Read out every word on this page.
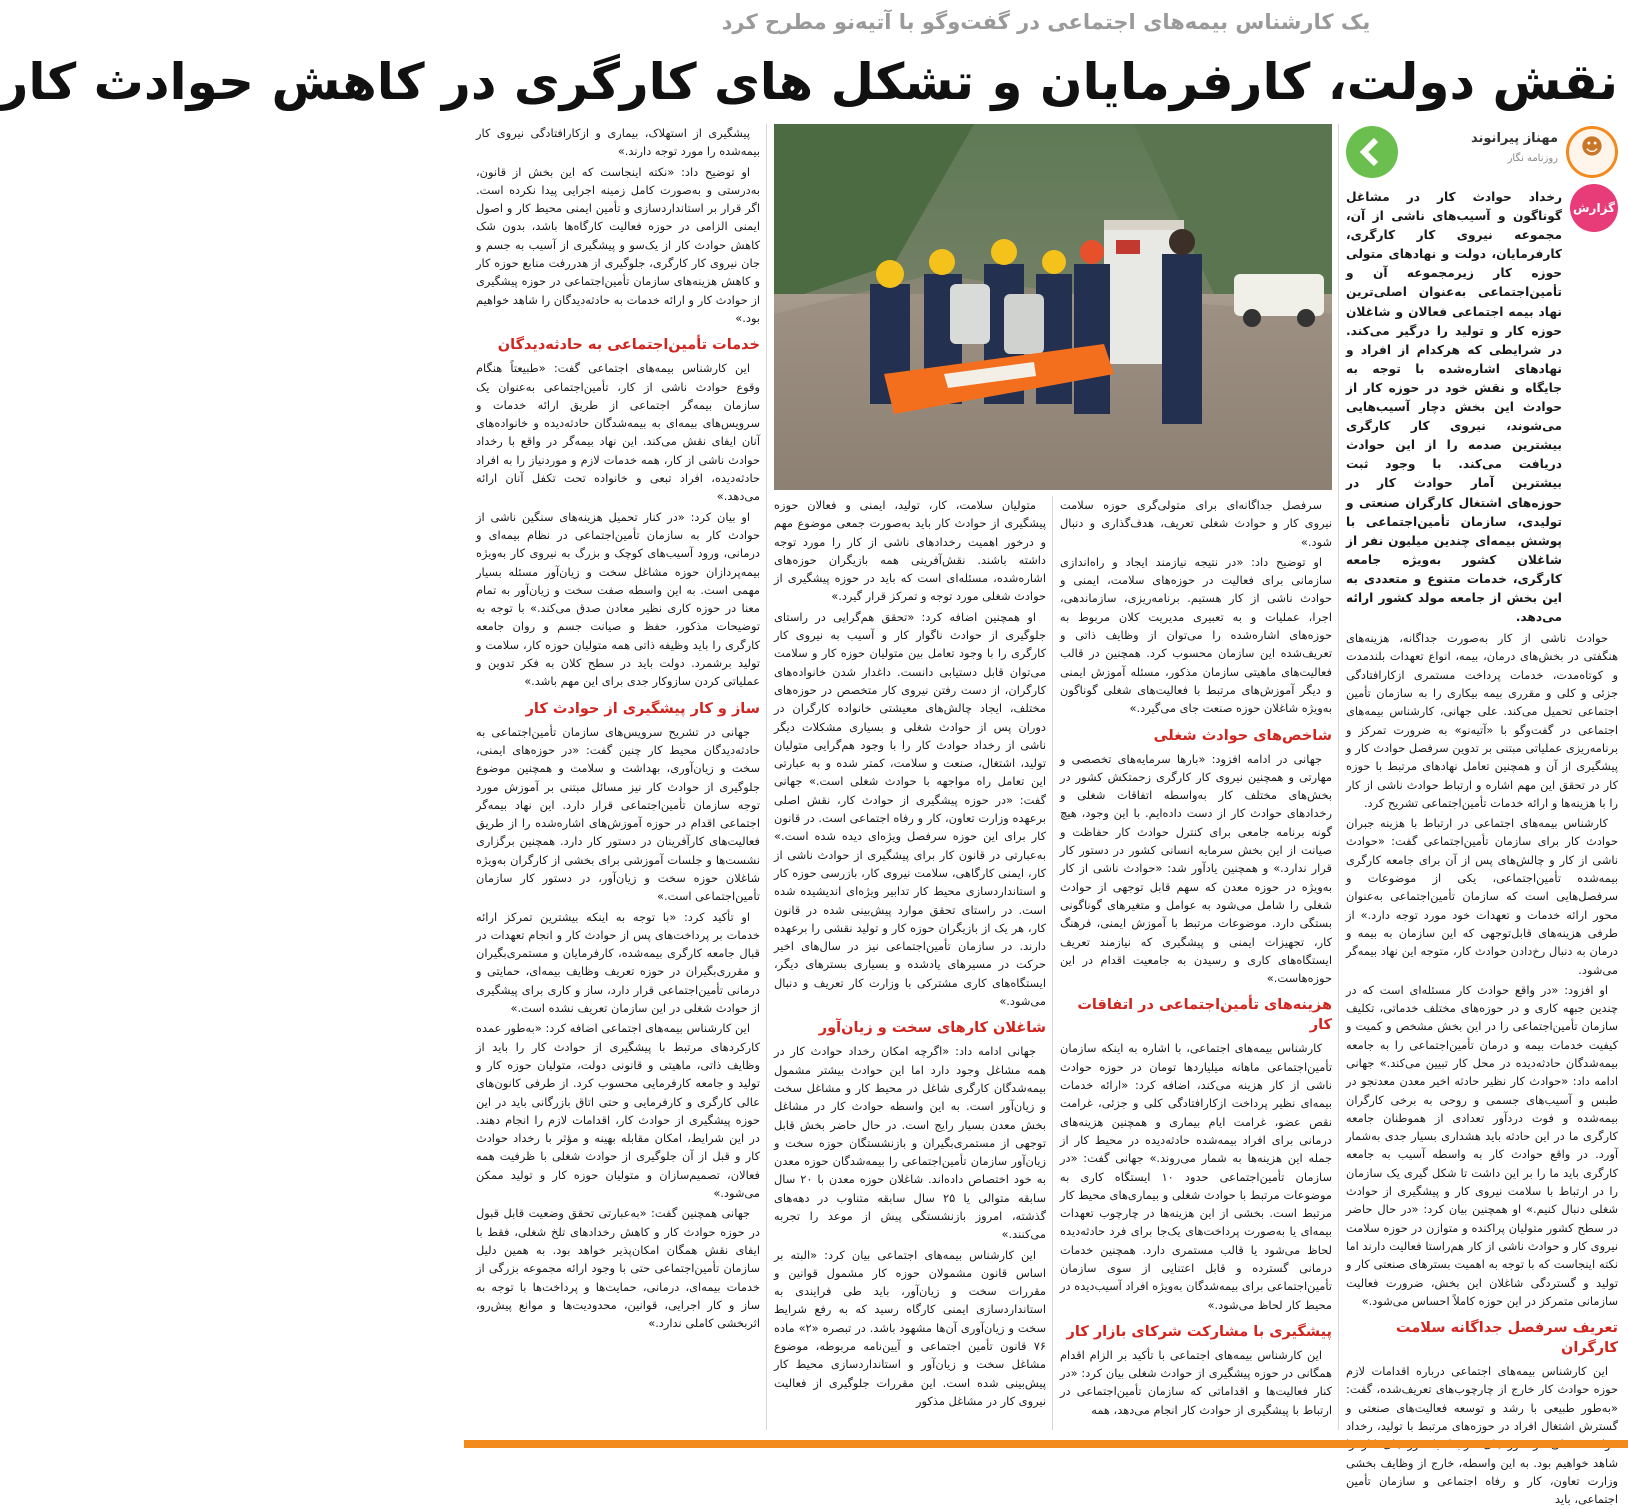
یک کارشناس بیمه‌های اجتماعی در گفت‌وگو با آتیه‌نو مطرح کرد
نقش دولت، کارفرمایان و تشکل های کارگری در کاهش حوادث کار
☻
مهناز پیرانوند
روزنامه نگار

رخداد حوادث کار در مشاغل گوناگون و آسیب‌های ناشی از آن، مجموعه نیروی کار کارگری، کارفرمایان، دولت و نهادهای متولی حوزه کار زیرمجموعه آن و تأمین‌اجتماعی به‌عنوان اصلی‌ترین نهاد بیمه اجتماعی فعالان و شاغلان حوزه کار و تولید را درگیر می‌کند. در شرایطی که هرکدام از افراد و نهادهای اشاره‌شده با توجه به جایگاه و نقش خود در حوزه کار از حوادث این بخش دچار آسیب‌هایی می‌شوند، نیروی کار کارگری بیشترین صدمه را از این حوادث دریافت می‌کند. با وجود ثبت بیشترین آمار حوادث کار در حوزه‌های اشتغال کارگران صنعتی و تولیدی، سازمان تأمین‌اجتماعی با پوشش بیمه‌ای چندین میلیون نفر از شاغلان کشور به‌ویژه جامعه کارگری، خدمات متنوع و متعددی به این بخش از جامعه مولد کشور ارائه می‌دهد.

حوادث ناشی از کار به‌صورت جداگانه، هزینه‌های هنگفتی در بخش‌های درمان، بیمه، انواع تعهدات بلندمدت و کوتاه‌مدت، خدمات پرداخت مستمری ازکارافتادگی جزئی و کلی و مقرری بیمه بیکاری را به سازمان تأمین اجتماعی تحمیل می‌کند. علی جهانی، کارشناس بیمه‌های اجتماعی در گفت‌وگو با «آتیه‌نو» به ضرورت تمرکز و برنامه‌ریزی عملیاتی مبتنی بر تدوین سرفصل حوادث کار و پیشگیری از آن و همچنین تعامل نهادهای مرتبط با حوزه کار در تحقق این مهم اشاره و ارتباط حوادث ناشی از کار را با هزینه‌ها و ارائه خدمات تأمین‌اجتماعی تشریح کرد.

کارشناس بیمه‌های اجتماعی در ارتباط با هزینه جبران حوادث کار برای سازمان تأمین‌اجتماعی گفت: «حوادث ناشی از کار و چالش‌های پس از آن برای جامعه کارگری بیمه‌شده تأمین‌اجتماعی، یکی از موضوعات و سرفصل‌هایی است که سازمان تأمین‌اجتماعی به‌عنوان محور ارائه خدمات و تعهدات خود مورد توجه دارد.» از طرفی هزینه‌های قابل‌توجهی که این سازمان به بیمه و درمان به دنبال رخ‌دادن حوادث کار، متوجه این نهاد بیمه‌گر می‌شود.

او افزود: «در واقع حوادث کار مسئله‌ای است که در چندین جبهه کاری و در حوزه‌های مختلف خدماتی، تکلیف سازمان تأمین‌اجتماعی را در این بخش مشخص و کمیت و کیفیت خدمات بیمه و درمان تأمین‌اجتماعی را به جامعه بیمه‌شدگان حادثه‌دیده در محل کار تبیین می‌کند.» جهانی ادامه داد: «حوادث کار نظیر حادثه اخیر معدن معدنجو در طبس و آسیب‌های جسمی و روحی به برخی کارگران بیمه‌شده و فوت درد‌آور تعدادی از هموطنان جامعه کارگری ما در این حادثه باید هشداری بسیار جدی به‌شمار آورد. در واقع حوادث کار به واسطه آسیب به جامعه کارگری باید ما را بر این داشت تا شکل گیری یک سازمان را در ارتباط با سلامت نیروی کار و پیشگیری از حوادث شغلی دنبال کنیم.» او همچنین بیان کرد: «در حال حاضر در سطح کشور متولیان پراکنده و متوازن در حوزه سلامت نیروی کار و حوادث ناشی از کار هم‌راستا فعالیت دارند اما نکته اینجاست که با توجه به اهمیت بسترهای صنعتی کار و تولید و گستردگی شاغلان این بخش، ضرورت فعالیت سازمانی متمرکز در این حوزه کاملاً احساس می‌شود.»

تعریف سرفصل جداگانه سلامت کارگران

این کارشناس بیمه‌های اجتماعی درباره اقدامات لازم حوزه حوادث کار خارج از چارچوب‌های تعریف‌شده، گفت: «به‌طور طبیعی با رشد و توسعه فعالیت‌های صنعتی و گسترش اشتغال افراد در حوزه‌های مرتبط با تولید، رخداد شاهد خواهیم بود. به این واسطه، خارج از وظایف بخشی وزارت تعاون، کار و رفاه اجتماعی و سازمان تأمین اجتماعی، باید

گزارش

سرفصل جداگانه‌ای برای متولی‌گری حوزه سلامت نیروی کار و حوادث شغلی تعریف، هدف‌گذاری و دنبال شود.»

او توضیح داد: «در نتیجه نیازمند ایجاد و راه‌اندازی سازمانی برای فعالیت در حوزه‌های سلامت، ایمنی و حوادث ناشی از کار هستیم. برنامه‌ریزی، سازماندهی، اجرا، عملیات و به تعبیری مدیریت کلان مربوط به حوزه‌های اشاره‌شده را می‌توان از وظایف ذاتی و تعریف‌شده این سازمان محسوب کرد. همچنین در قالب فعالیت‌های ماهیتی سازمان مذکور، مسئله آموزش ایمنی و دیگر آموزش‌های مرتبط با فعالیت‌های شغلی گوناگون به‌ویژه شاغلان حوزه صنعت جای می‌گیرد.»

شاخص‌های حوادث شغلی

جهانی در ادامه افزود: «بارها سرمایه‌های تخصصی و مهارتی و همچنین نیروی کار کارگری زحمتکش کشور در بخش‌های مختلف کار به‌واسطه اتفاقات شغلی و رخدادهای حوادث کار از دست داده‌ایم. با این وجود، هیچ گونه برنامه جامعی برای کنترل حوادث کار حفاظت و صیانت از این بخش سرمایه انسانی کشور در دستور کار قرار ندارد.» و همچنین یادآور شد: «حوادث ناشی از کار به‌ویژه در حوزه معدن که سهم قابل توجهی از حوادث شغلی را شامل می‌شود به عوامل و متغیرهای گوناگونی بستگی دارد. موضوعات مرتبط با آموزش ایمنی، فرهنگ کار، تجهیزات ایمنی و پیشگیری که نیازمند تعریف ایستگاه‌های کاری و رسیدن به جامعیت اقدام در این حوزه‌هاست.»

هزینه‌های تأمین‌اجتماعی در اتفاقات کار

کارشناس بیمه‌های اجتماعی، با اشاره به اینکه سازمان تأمین‌اجتماعی ماهانه میلیاردها تومان در حوزه حوادث ناشی از کار هزینه می‌کند، اضافه کرد: «ارائه خدمات بیمه‌ای نظیر پرداخت ازکارافتادگی کلی و جزئی، غرامت نقص عضو، غرامت ایام بیماری و همچنین هزینه‌های درمانی برای افراد بیمه‌شده حادثه‌دیده در محیط کار از جمله این هزینه‌ها به شمار می‌روند.» جهانی گفت: «در سازمان تأمین‌اجتماعی حدود ۱۰ ایستگاه کاری به موضوعات مرتبط با حوادث شغلی و بیماری‌های محیط کار مرتبط است. بخشی از این هزینه‌ها در چارچوب تعهدات بیمه‌ای یا به‌صورت پرداخت‌های یک‌جا برای فرد حادثه‌دیده لحاظ می‌شود یا قالب مستمری دارد. همچنین خدمات درمانی گسترده و قابل اعتنایی از سوی سازمان تأمین‌اجتماعی برای بیمه‌شدگان به‌ویژه افراد آسیب‌دیده در محیط کار لحاظ می‌شود.»

پیشگیری با مشارکت شرکای بازار کار

این کارشناس بیمه‌های اجتماعی با تأکید بر الزام اقدام همگانی در حوزه پیشگیری از حوادث شغلی بیان کرد: «در کنار فعالیت‌ها و اقداماتی که سازمان تأمین‌اجتماعی در ارتباط با پیشگیری از حوادث کار انجام می‌دهد، همه

متولیان سلامت، کار، تولید، ایمنی و فعالان حوزه پیشگیری از حوادث کار باید به‌صورت جمعی موضوع مهم و درخور اهمیت رخدادهای ناشی از کار را مورد توجه داشته باشند. نقش‌آفرینی همه بازیگران حوزه‌های اشاره‌شده، مسئله‌ای است که باید در حوزه پیشگیری از حوادث شغلی مورد توجه و تمرکز قرار گیرد.»

او همچنین اضافه کرد: «تحقق هم‌گرایی در راستای جلوگیری از حوادث ناگوار کار و آسیب به نیروی کار کارگری را با وجود تعامل بین متولیان حوزه کار و سلامت می‌توان قابل دستیابی دانست. داغدار شدن خانواده‌های کارگران، از دست رفتن نیروی کار متخصص در حوزه‌های مختلف، ایجاد چالش‌های معیشتی خانواده کارگران در دوران پس از حوادث شغلی و بسیاری مشکلات دیگر ناشی از رخداد حوادث کار را با وجود هم‌گرایی متولیان تولید، اشتغال، صنعت و سلامت، کمتر شده و به عبارتی این تعامل راه مواجهه با حوادث شغلی است.» جهانی گفت: «در حوزه پیشگیری از حوادث کار، نقش اصلی برعهده وزارت تعاون، کار و رفاه اجتماعی است. در قانون کار برای این حوزه سرفصل ویژه‌ای دیده شده است.» به‌عبارتی در قانون کار برای پیشگیری از حوادث ناشی از کار، ایمنی کارگاهی، سلامت نیروی کار، بازرسی حوزه کار و استانداردسازی محیط کار تدابیر ویژه‌ای اندیشیده شده است. در راستای تحقق موارد پیش‌بینی شده در قانون کار، هر یک از بازیگران حوزه کار و تولید نقشی را برعهده دارند. در سازمان تأمین‌اجتماعی نیز در سال‌های اخیر حرکت در مسیرهای یادشده و بسیاری بسترهای دیگر، ایستگاه‌های کاری مشترکی با وزارت کار تعریف و دنبال می‌شود.»

شاغلان کارهای سخت و زیان‌آور

جهانی ادامه داد: «اگرچه امکان رخداد حوادث کار در همه مشاغل وجود دارد اما این حوادث بیشتر مشمول بیمه‌شدگان کارگری شاغل در محیط کار و مشاغل سخت و زیان‌آور است. به این واسطه حوادث کار در مشاغل بخش معدن بسیار رایج است. در حال حاضر بخش قابل توجهی از مستمری‌بگیران و بازنشستگان حوزه سخت و زیان‌آور سازمان تأمین‌اجتماعی را بیمه‌شدگان حوزه معدن به خود اختصاص داده‌اند. شاغلان حوزه معدن با ۲۰ سال سابقه متوالی یا ۲۵ سال سابقه متناوب در دهه‌های گذشته، امروز بازنشستگی پیش از موعد را تجربه می‌کنند.»

این کارشناس بیمه‌های اجتماعی بیان کرد: «البته بر اساس قانون مشمولان حوزه کار مشمول قوانین و مقررات سخت و زیان‌آور، باید طی فرایندی به استانداردسازی ایمنی کارگاه رسید که به رفع شرایط سخت و زیان‌آوری آن‌ها مشهود باشد. در تبصره «۲» ماده ۷۶ قانون تأمین اجتماعی و آیین‌نامه مربوطه، موضوع مشاغل سخت و زیان‌آور و استانداردسازی محیط کار پیش‌بینی شده است. این مقررات جلوگیری از فعالیت نیروی کار در مشاغل مذکور

پیشگیری از استهلاک، بیماری و ازکارافتادگی نیروی کار بیمه‌شده را مورد توجه دارند.»

او توضیح داد: «نکته اینجاست که این بخش از قانون، به‌درستی و به‌صورت کامل زمینه اجرایی پیدا نکرده است. اگر قرار بر استانداردسازی و تأمین ایمنی محیط کار و اصول ایمنی الزامی در حوزه فعالیت کارگاه‌ها باشد، بدون شک کاهش حوادث کار از یک‌سو و پیشگیری از آسیب به جسم و جان نیروی کار کارگری، جلوگیری از هدررفت منابع حوزه کار و کاهش هزینه‌های سازمان تأمین‌اجتماعی در حوزه پیشگیری از حوادث کار و ارائه خدمات به حادثه‌دیدگان را شاهد خواهیم بود.»

خدمات تأمین‌اجتماعی به حادثه‌دیدگان

این کارشناس بیمه‌های اجتماعی گفت: «طبیعتاً هنگام وقوع حوادث ناشی از کار، تأمین‌اجتماعی به‌عنوان یک سازمان بیمه‌گر اجتماعی از طریق ارائه خدمات و سرویس‌های بیمه‌ای به بیمه‌شدگان حادثه‌دیده و خانواده‌های آنان ایفای نقش می‌کند. این نهاد بیمه‌گر در واقع با رخداد حوادث ناشی از کار، همه خدمات لازم و موردنیاز را به افراد حادثه‌دیده، افراد تبعی و خانواده تحت تکفل آنان ارائه می‌دهد.»

او بیان کرد: «در کنار تحمیل هزینه‌های سنگین ناشی از حوادث کار به سازمان تأمین‌اجتماعی در نظام بیمه‌ای و درمانی، ورود آسیب‌های کوچک و بزرگ به نیروی کار به‌ویژه بیمه‌پردازان حوزه مشاغل سخت و زیان‌آور مسئله بسیار مهمی است. به این واسطه صفت سخت و زیان‌آور به تمام معنا در حوزه کاری نظیر معادن صدق می‌کند.» با توجه به توضیحات مذکور، حفظ و صیانت جسم و روان جامعه کارگری را باید وظیفه ذاتی همه متولیان حوزه کار، سلامت و تولید برشمرد. دولت باید در سطح کلان به فکر تدوین و عملیاتی کردن سازوکار جدی برای این مهم باشد.»

ساز و کار پیشگیری از حوادث کار

جهانی در تشریح سرویس‌های سازمان تأمین‌اجتماعی به حادثه‌دیدگان محیط کار چنین گفت: «در حوزه‌های ایمنی، سخت و زیان‌آوری، بهداشت و سلامت و همچنین موضوع جلوگیری از حوادث کار نیز مسائل مبتنی بر آموزش مورد توجه سازمان تأمین‌اجتماعی قرار دارد. این نهاد بیمه‌گر اجتماعی اقدام در حوزه آموزش‌های اشاره‌شده را از طریق فعالیت‌های کارآفرینان در دستور کار دارد. همچنین برگزاری نشست‌ها و جلسات آموزشی برای بخشی از کارگران به‌ویژه شاغلان حوزه سخت و زیان‌آور، در دستور کار سازمان تأمین‌اجتماعی است.»

او تأکید کرد: «با توجه به اینکه بیشترین تمرکز ارائه خدمات بر پرداخت‌های پس از حوادث کار و انجام تعهدات در قبال جامعه کارگری بیمه‌شده، کارفرمایان و مستمری‌بگیران و مقرری‌بگیران در حوزه تعریف وظایف بیمه‌ای، حمایتی و درمانی تأمین‌اجتماعی قرار دارد، ساز و کاری برای پیشگیری از حوادث شغلی در این سازمان تعریف نشده است.»

این کارشناس بیمه‌های اجتماعی اضافه کرد: «به‌طور عمده کارکردهای مرتبط با پیشگیری از حوادث کار را باید از وظایف ذاتی، ماهیتی و قانونی دولت، متولیان حوزه کار و تولید و جامعه کارفرمایی محسوب کرد. از طرفی کانون‌های عالی کارگری و کارفرمایی و حتی اتاق بازرگانی باید در این حوزه پیشگیری از حوادث کار، اقدامات لازم را انجام دهند. در این شرایط، امکان مقابله بهینه و مؤثر با رخداد حوادث کار و قبل از آن جلوگیری از حوادث شغلی با ظرفیت همه فعالان، تصمیم‌سازان و متولیان حوزه کار و تولید ممکن می‌شود.»

جهانی همچنین گفت: «به‌عبارتی تحقق وضعیت قابل قبول در حوزه حوادث کار و کاهش رخدادهای تلخ شغلی، فقط با ایفای نقش همگان امکان‌پذیر خواهد بود. به همین دلیل سازمان تأمین‌اجتماعی حتی با وجود ارائه مجموعه بزرگی از خدمات بیمه‌ای، درمانی، حمایت‌ها و پرداخت‌ها با توجه به ساز و کار اجرایی، قوانین، محدودیت‌ها و موانع پیش‌رو، اثربخشی کاملی ندارد.»
